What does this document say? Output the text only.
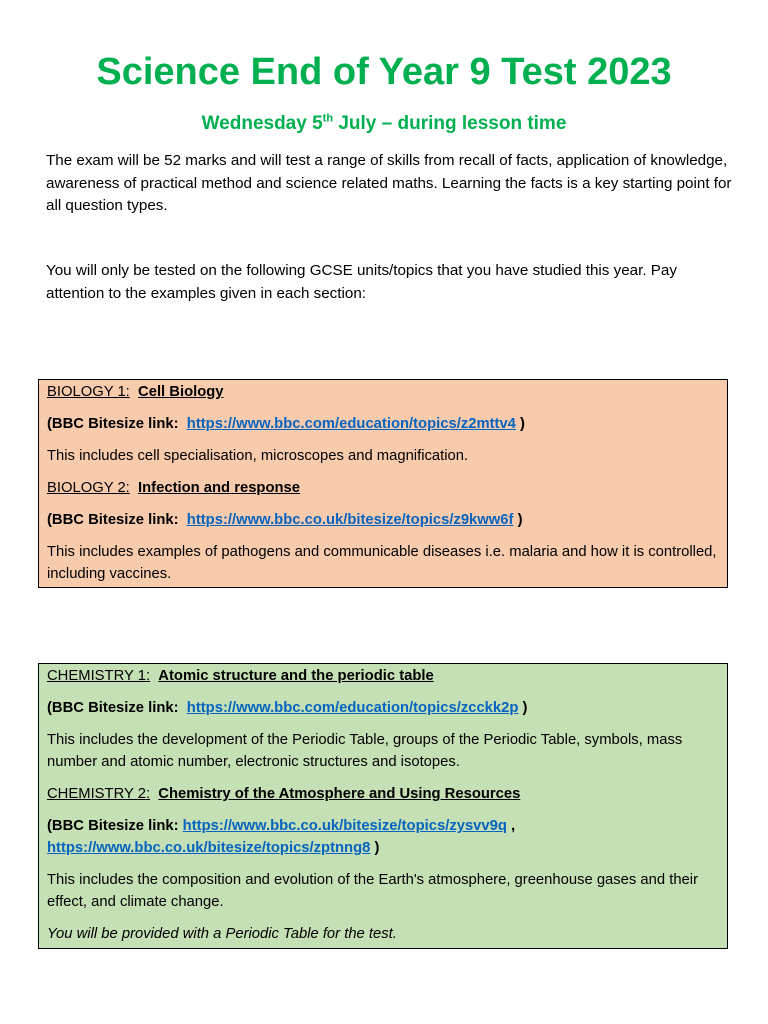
Science End of Year 9 Test 2023
Wednesday 5th July – during lesson time

The exam will be 52 marks and will test a range of skills from recall of facts, application of knowledge, awareness of practical method and science related maths. Learning the facts is a key starting point for all question types.

You will only be tested on the following GCSE units/topics that you have studied this year. Pay attention to the examples given in each section:

BIOLOGY 1: Cell Biology

(BBC Bitesize link: https://www.bbc.com/education/topics/z2mttv4 )

This includes cell specialisation, microscopes and magnification.

BIOLOGY 2: Infection and response

(BBC Bitesize link: https://www.bbc.co.uk/bitesize/topics/z9kww6f )

This includes examples of pathogens and communicable diseases i.e. malaria and how it is controlled, including vaccines.

CHEMISTRY 1: Atomic structure and the periodic table

(BBC Bitesize link: https://www.bbc.com/education/topics/zcckk2p )

This includes the development of the Periodic Table, groups of the Periodic Table, symbols, mass number and atomic number, electronic structures and isotopes.

CHEMISTRY 2: Chemistry of the Atmosphere and Using Resources

(BBC Bitesize link: https://www.bbc.co.uk/bitesize/topics/zysvv9q ,

https://www.bbc.co.uk/bitesize/topics/zptnng8 )

This includes the composition and evolution of the Earth's atmosphere, greenhouse gases and their effect, and climate change.

You will be provided with a Periodic Table for the test.
